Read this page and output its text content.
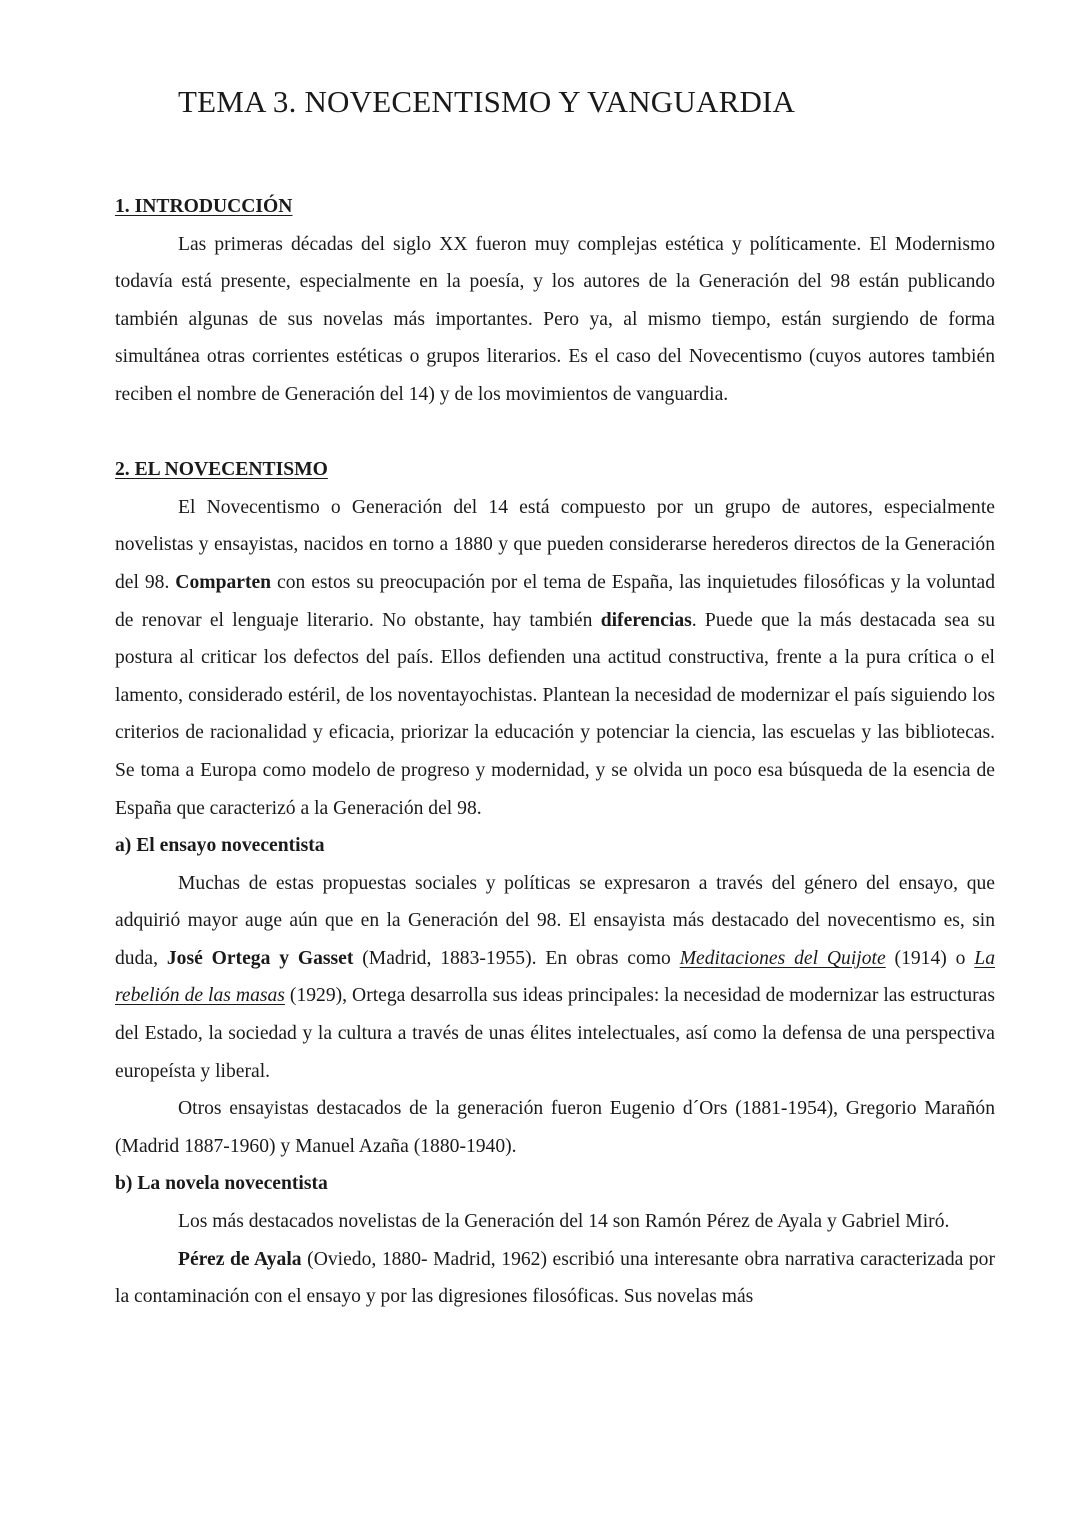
TEMA 3. NOVECENTISMO Y VANGUARDIA
1. INTRODUCCIÓN

Las primeras décadas del siglo XX fueron muy complejas estética y políticamente. El Modernismo todavía está presente, especialmente en la poesía, y los autores de la Generación del 98 están publicando también algunas de sus novelas más importantes. Pero ya, al mismo tiempo, están surgiendo de forma simultánea otras corrientes estéticas o grupos literarios. Es el caso del Novecentismo (cuyos autores también reciben el nombre de Generación del 14) y de los movimientos de vanguardia.

2. EL NOVECENTISMO

El Novecentismo o Generación del 14 está compuesto por un grupo de autores, especialmente novelistas y ensayistas, nacidos en torno a 1880 y que pueden considerarse herederos directos de la Generación del 98. Comparten con estos su preocupación por el tema de España, las inquietudes filosóficas y la voluntad de renovar el lenguaje literario. No obstante, hay también diferencias. Puede que la más destacada sea su postura al criticar los defectos del país. Ellos defienden una actitud constructiva, frente a la pura crítica o el lamento, considerado estéril, de los noventayochistas. Plantean la necesidad de modernizar el país siguiendo los criterios de racionalidad y eficacia, priorizar la educación y potenciar la ciencia, las escuelas y las bibliotecas. Se toma a Europa como modelo de progreso y modernidad, y se olvida un poco esa búsqueda de la esencia de España que caracterizó a la Generación del 98.

a) El ensayo novecentista

Muchas de estas propuestas sociales y políticas se expresaron a través del género del ensayo, que adquirió mayor auge aún que en la Generación del 98. El ensayista más destacado del novecentismo es, sin duda, José Ortega y Gasset (Madrid, 1883-1955). En obras como Meditaciones del Quijote (1914) o La rebelión de las masas (1929), Ortega desarrolla sus ideas principales: la necesidad de modernizar las estructuras del Estado, la sociedad y la cultura a través de unas élites intelectuales, así como la defensa de una perspectiva europeísta y liberal.

Otros ensayistas destacados de la generación fueron Eugenio d´Ors (1881-1954), Gregorio Marañón (Madrid 1887-1960) y Manuel Azaña (1880-1940).

b) La novela novecentista

Los más destacados novelistas de la Generación del 14 son Ramón Pérez de Ayala y Gabriel Miró.

Pérez de Ayala (Oviedo, 1880- Madrid, 1962) escribió una interesante obra narrativa caracterizada por la contaminación con el ensayo y por las digresiones filosóficas. Sus novelas más
